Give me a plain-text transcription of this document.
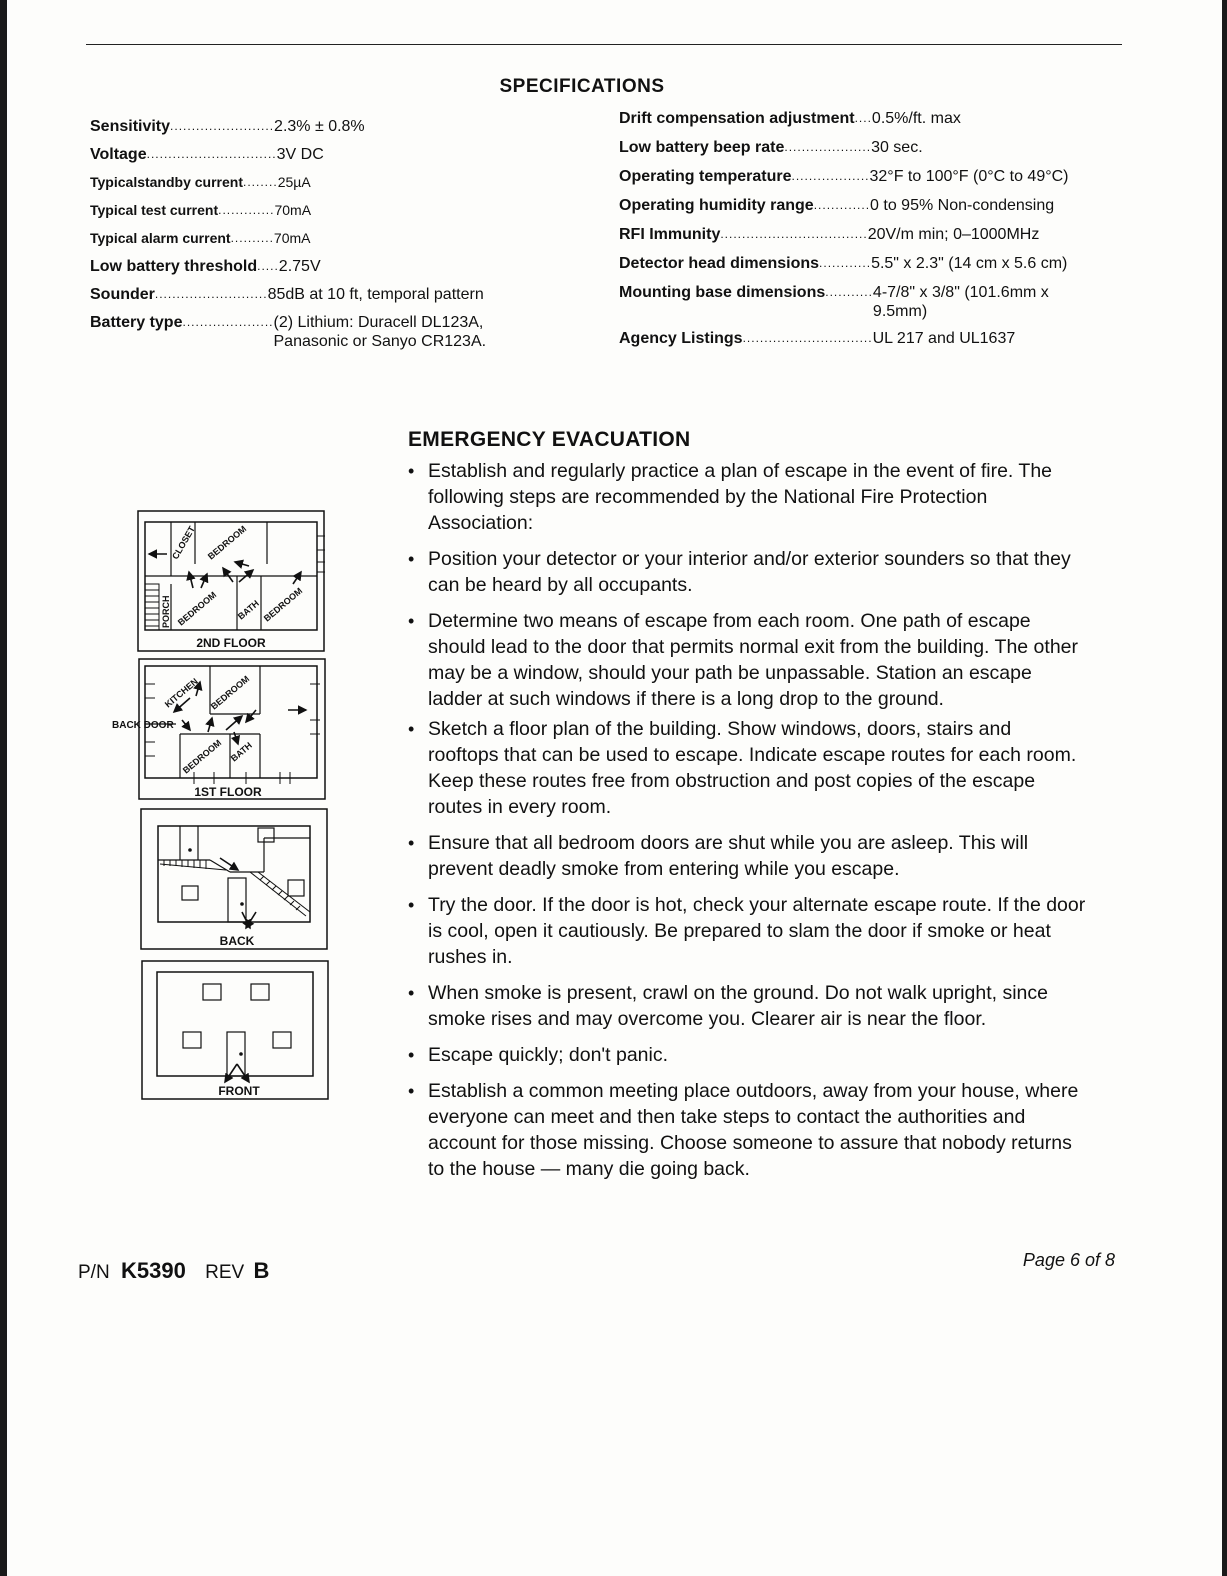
SPECIFICATIONS
Sensitivity ........................ 2.3% ± 0.8%
Voltage .............................. 3V DC
Typicalstandby current ........ 25µA
Typical test current ............. 70mA
Typical alarm current .......... 70mA
Low battery threshold ..... 2.75V
Sounder .......................... 85dB at 10 ft, temporal pattern
Battery type ..................... (2) Lithium: Duracell DL123A,
Panasonic or Sanyo CR123A.
Drift compensation adjustment .... 0.5%/ft. max
Low battery beep rate .................... 30 sec.
Operating temperature .................. 32°F to 100°F (0°C to 49°C)
Operating humidity range ............. 0 to 95% Non-condensing
RFI Immunity .................................. 20V/m min; 0–1000MHz
Detector head dimensions ............ 5.5" x 2.3" (14 cm x 5.6 cm)
Mounting base dimensions ........... 4-7/8" x 3/8" (101.6mm x
9.5mm)
Agency Listings .............................. UL 217 and UL1637
EMERGENCY EVACUATION
• Establish and regularly practice a plan of escape in the event of fire. The following steps are recommended by the National Fire Protection Association:
• Position your detector or your interior and/or exterior sounders so that they can be heard by all occupants.
• Determine two means of escape from each room. One path of escape should lead to the door that permits normal exit from the building. The other may be a window, should your path be unpassable. Station an escape ladder at such windows if there is a long drop to the ground.
• Sketch a floor plan of the building. Show windows, doors, stairs and rooftops that can be used to escape. Indicate escape routes for each room. Keep these routes free from obstruction and post copies of the escape routes in every room.
• Ensure that all bedroom doors are shut while you are asleep. This will prevent deadly smoke from entering while you escape.
• Try the door. If the door is hot, check your alternate escape route. If the door is cool, open it cautiously. Be prepared to slam the door if smoke or heat rushes in.
• When smoke is present, crawl on the ground. Do not walk upright, since smoke rises and may overcome you. Clearer air is near the floor.
• Escape quickly; don't panic.
• Establish a common meeting place outdoors, away from your house, where everyone can meet and then take steps to contact the authorities and account for those missing. Choose someone to assure that nobody returns to the house — many die going back.
CLOSET BEDROOM
PORCH BEDROOM BATH BEDROOM
2ND FLOOR
KITCHEN BEDROOM
BEDROOM BATH
BACK DOOR
1ST FLOOR
BACK
FRONT
P/N K5390 REV B	Page 6 of 8
